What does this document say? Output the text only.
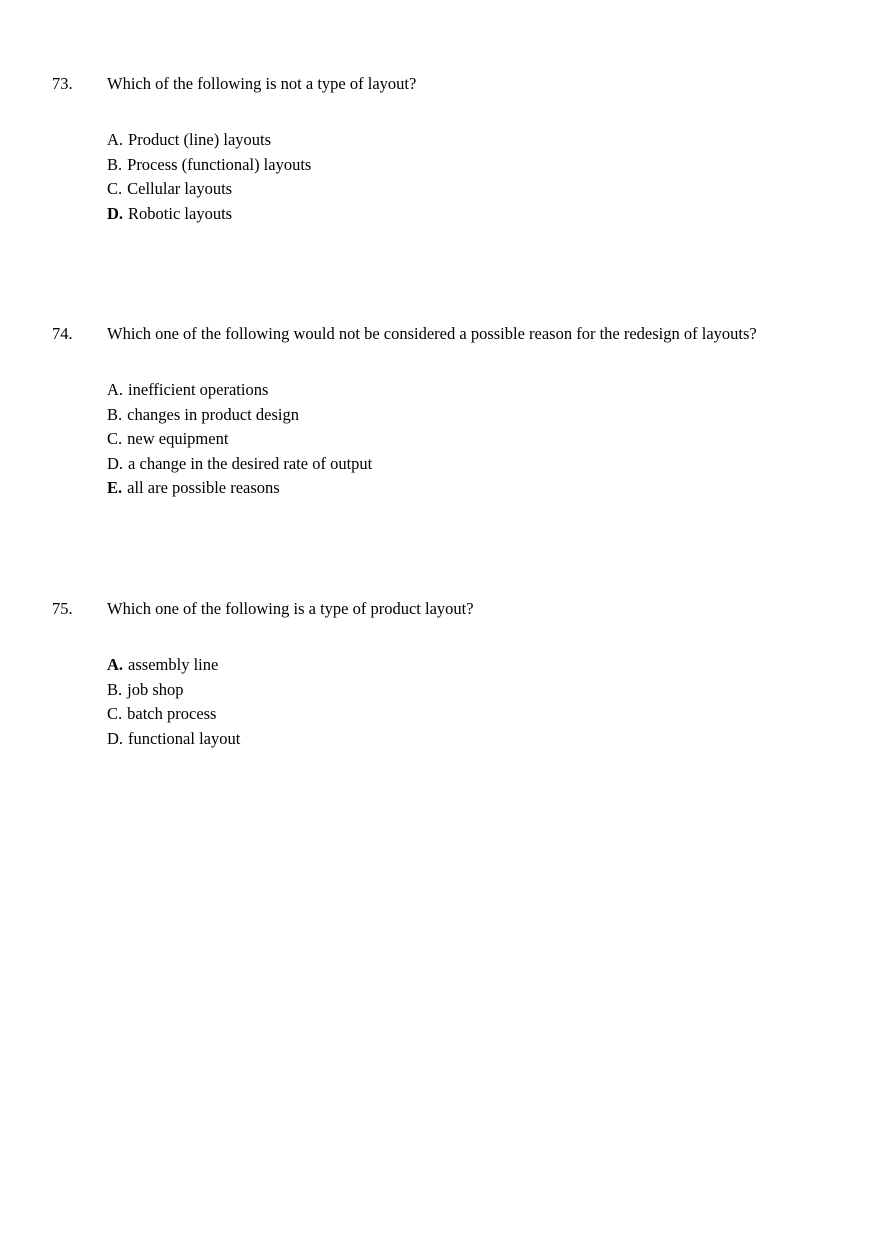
73. Which of the following is not a type of layout?
A. Product (line) layouts
B. Process (functional) layouts
C. Cellular layouts
D. Robotic layouts
74. Which one of the following would not be considered a possible reason for the redesign of layouts?
A. inefficient operations
B. changes in product design
C. new equipment
D. a change in the desired rate of output
E. all are possible reasons
75. Which one of the following is a type of product layout?
A. assembly line
B. job shop
C. batch process
D. functional layout
